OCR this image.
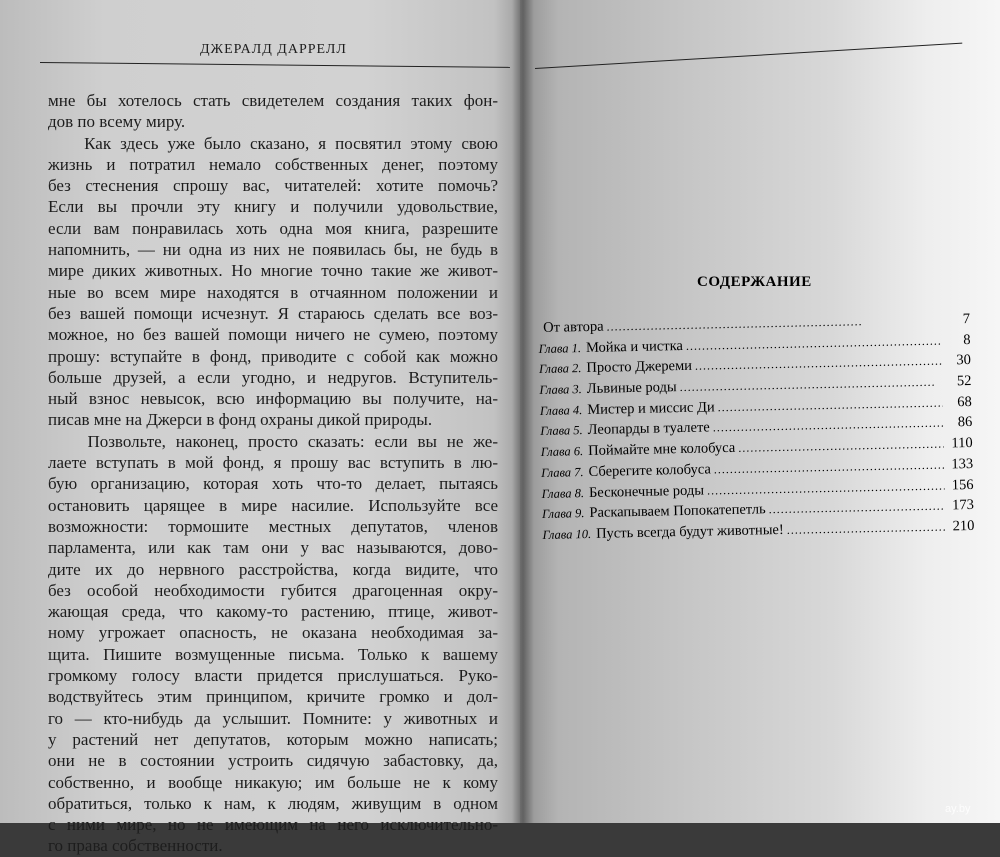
ДЖЕРАЛД ДАРРЕЛЛ
мне бы хотелось стать свидетелем создания таких фон-
дов по всему миру.
Как здесь уже было сказано, я посвятил этому свою
жизнь и потратил немало собственных денег, поэтому
без стеснения спрошу вас, читателей: хотите помочь?
Если вы прочли эту книгу и получили удовольствие,
если вам понравилась хоть одна моя книга, разрешите
напомнить, — ни одна из них не появилась бы, не будь в
мире диких животных. Но многие точно такие же живот-
ные во всем мире находятся в отчаянном положении и
без вашей помощи исчезнут. Я стараюсь сделать все воз-
можное, но без вашей помощи ничего не сумею, поэтому
прошу: вступайте в фонд, приводите с собой как можно
больше друзей, а если угодно, и недругов. Вступитель-
ный взнос невысок, всю информацию вы получите, на-
писав мне на Джерси в фонд охраны дикой природы.
Позвольте, наконец, просто сказать: если вы не же-
лаете вступать в мой фонд, я прошу вас вступить в лю-
бую организацию, которая хоть что-то делает, пытаясь
остановить царящее в мире насилие. Используйте все
возможности: тормошите местных депутатов, членов
парламента, или как там они у вас называются, дово-
дите их до нервного расстройства, когда видите, что
без особой необходимости губится драгоценная окру-
жающая среда, что какому-то растению, птице, живот-
ному угрожает опасность, не оказана необходимая за-
щита. Пишите возмущенные письма. Только к вашему
громкому голосу власти придется прислушаться. Руко-
водствуйтесь этим принципом, кричите громко и дол-
го — кто-нибудь да услышит. Помните: у животных и
у растений нет депутатов, которым можно написать;
они не в состоянии устроить сидячую забастовку, да,
собственно, и вообще никакую; им больше не к кому
обратиться, только к нам, к людям, живущим в одном
с ними мире, но не имеющим на него исключительно-
го права собственности.
СОДЕРЖАНИЕ
От автора . . .	7
Глава 1. Мойка и чистка . . .	8
Глава 2. Просто Джереми . . .	30
Глава 3. Львиные роды . . .	52
Глава 4. Мистер и миссис Ди . . .	68
Глава 5. Леопарды в туалете . . .	86
Глава 6. Поймайте мне колобуса . . .	110
Глава 7. Сберегите колобуса . . .	133
Глава 8. Бесконечные роды . . .	156
Глава 9. Раскапываем Попокатепетль . . .	173
Глава 10. Пусть всегда будут животные! . . .	210
ay.by
